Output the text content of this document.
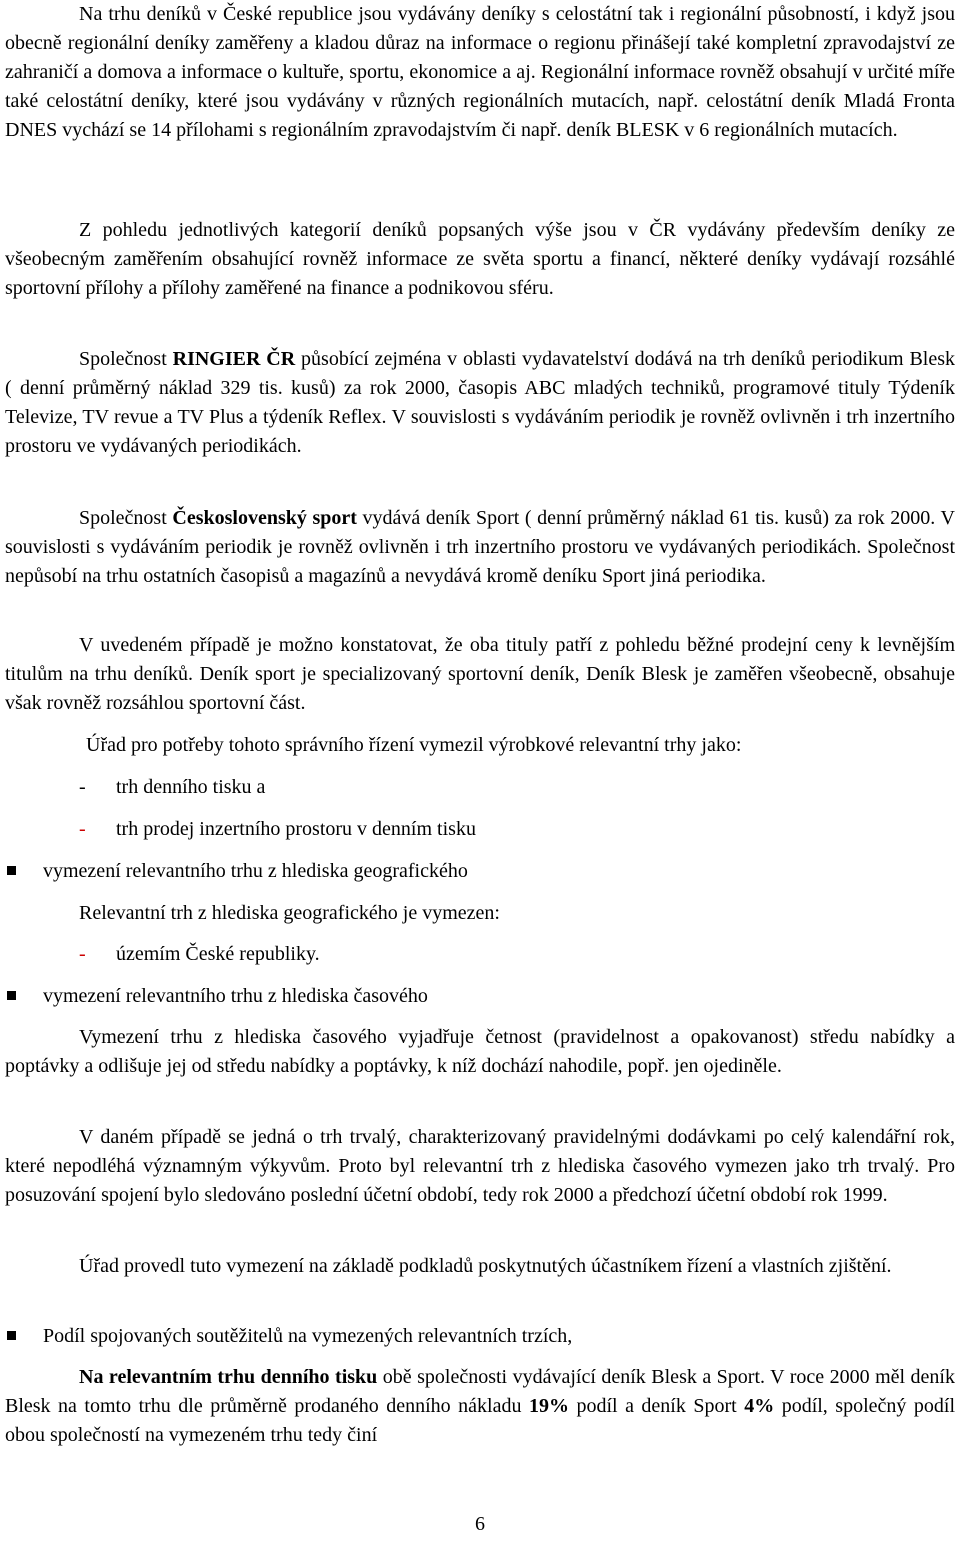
Na trhu deníků v České republice jsou vydávány deníky s celostátní tak i regionální působností, i když jsou obecně regionální deníky zaměřeny a kladou důraz na informace o regionu přinášejí také kompletní zpravodajství ze zahraničí a domova a informace o kultuře, sportu, ekonomice a aj. Regionální informace rovněž obsahují v určité míře také celostátní deníky, které jsou vydávány v různých regionálních mutacích, např. celostátní deník Mladá Fronta DNES vychází se 14 přílohami s regionálním zpravodajstvím či např. deník BLESK v 6 regionálních mutacích.

Z pohledu jednotlivých kategorií deníků popsaných výše jsou v ČR vydávány především deníky ze všeobecným zaměřením obsahující rovněž informace ze světa sportu a financí, některé deníky vydávají rozsáhlé sportovní přílohy a přílohy zaměřené na finance a podnikovou sféru.

Společnost RINGIER ČR působící zejména v oblasti vydavatelství dodává na trh deníků periodikum Blesk ( denní průměrný náklad 329 tis. kusů) za rok 2000, časopis ABC mladých techniků, programové tituly Týdeník Televize, TV revue a TV Plus a týdeník Reflex. V souvislosti s vydáváním periodik je rovněž ovlivněn i trh inzertního prostoru ve vydávaných periodikách.

Společnost Československý sport vydává deník Sport ( denní průměrný náklad 61 tis. kusů) za rok 2000. V souvislosti s vydáváním periodik je rovněž ovlivněn i trh inzertního prostoru ve vydávaných periodikách. Společnost nepůsobí na trhu ostatních časopisů a magazínů a nevydává kromě deníku Sport jiná periodika.

V uvedeném případě je možno konstatovat, že oba tituly patří z pohledu běžné prodejní ceny k levnějším titulům na trhu deníků. Deník sport je specializovaný sportovní deník, Deník Blesk je zaměřen všeobecně, obsahuje však rovněž rozsáhlou sportovní část.

Úřad pro potřeby tohoto správního řízení vymezil výrobkové relevantní trhy jako:

- trh denního tisku a

- trh prodej inzertního prostoru v denním tisku

vymezení relevantního trhu z hlediska geografického

Relevantní trh z hlediska geografického je vymezen:

- územím České republiky.

vymezení relevantního trhu z hlediska časového

Vymezení trhu z hlediska časového vyjadřuje četnost (pravidelnost a opakovanost) středu nabídky a poptávky a odlišuje jej od středu nabídky a poptávky, k níž dochází nahodile, popř. jen ojediněle.

V daném případě se jedná o trh trvalý, charakterizovaný pravidelnými dodávkami po celý kalendářní rok, které nepodléhá významným výkyvům. Proto byl relevantní trh z hlediska časového vymezen jako trh trvalý. Pro posuzování spojení bylo sledováno poslední účetní období, tedy rok 2000 a předchozí účetní období rok 1999.

Úřad provedl tuto vymezení na základě podkladů poskytnutých účastníkem řízení a vlastních zjištění.

Podíl spojovaných soutěžitelů na vymezených relevantních trzích,

Na relevantním trhu denního tisku obě společnosti vydávající deník Blesk a Sport. V roce 2000 měl deník Blesk na tomto trhu dle průměrně prodaného denního nákladu 19% podíl a deník Sport 4% podíl, společný podíl obou společností na vymezeném trhu tedy činí

6
